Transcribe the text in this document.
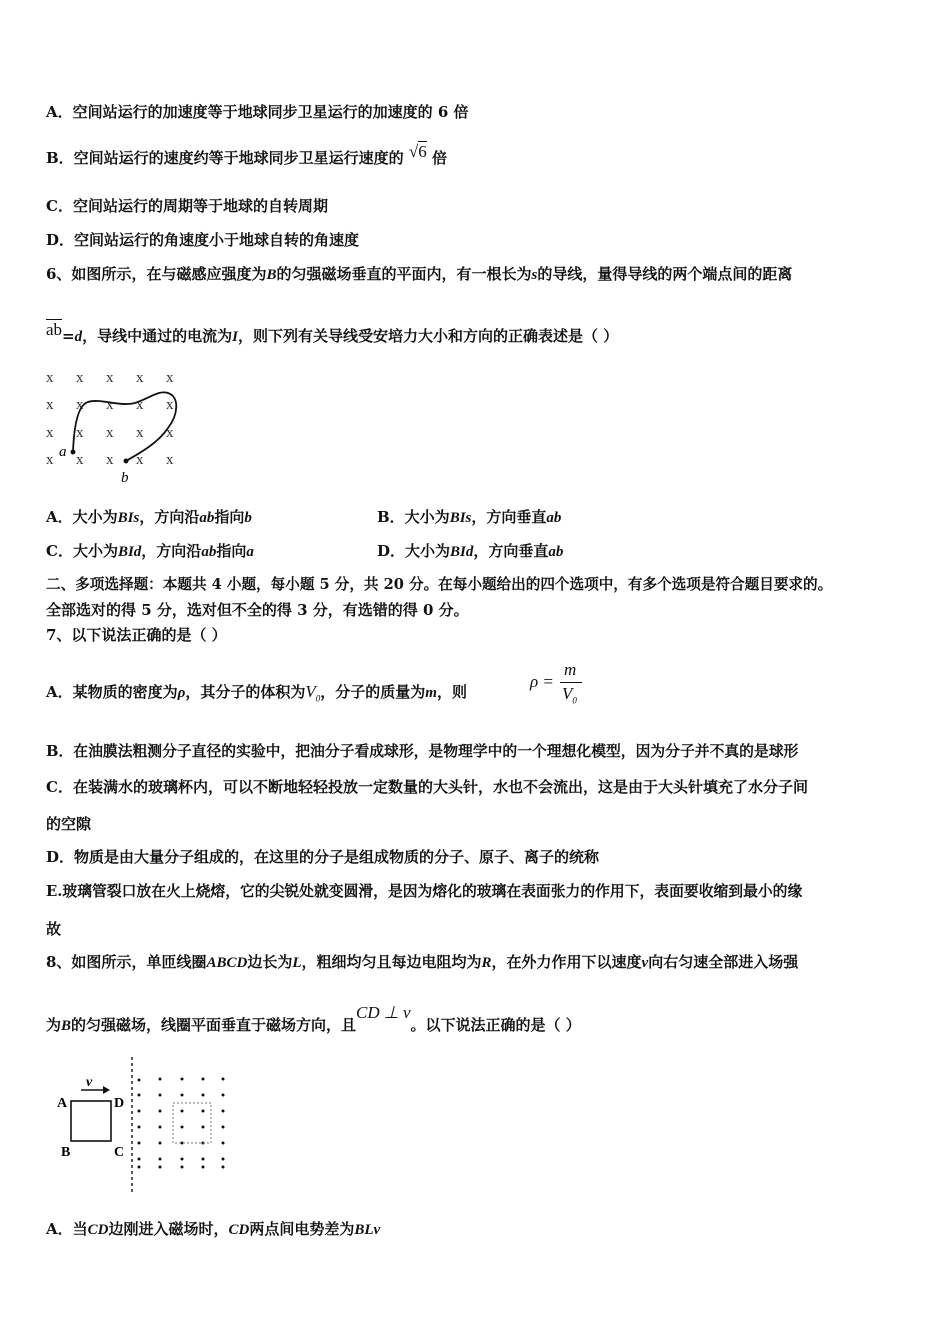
A．空间站运行的加速度等于地球同步卫星运行的加速度的 6 倍
B．空间站运行的速度约等于地球同步卫星运行速度的 √6 倍
C．空间站运行的周期等于地球的自转周期
D．空间站运行的角速度小于地球自转的角速度
6、如图所示，在与磁感应强度为B的匀强磁场垂直的平面内，有一根长为s的导线，量得导线的两个端点间的距离
ab=d，导线中通过的电流为I，则下列有关导线受安培力大小和方向的正确表述是（ ）
x x x x x
x x x x x
x x x x x
x x x x x
a
b
A．大小为BIs，方向沿ab指向b	B．大小为BIs，方向垂直ab
C．大小为BId，方向沿ab指向a	D．大小为BId，方向垂直ab
二、多项选择题：本题共 4 小题，每小题 5 分，共 20 分。在每小题给出的四个选项中，有多个选项是符合题目要求的。
全部选对的得 5 分，选对但不全的得 3 分，有选错的得 0 分。
7、以下说法正确的是（ ）
A．某物质的密度为ρ，其分子的体积为$V_0$，分子的质量为m，则
ρ =
m
$V_0$
B．在油膜法粗测分子直径的实验中，把油分子看成球形，是物理学中的一个理想化模型，因为分子并不真的是球形
C．在装满水的玻璃杯内，可以不断地轻轻投放一定数量的大头针，水也不会流出，这是由于大头针填充了水分子间
的空隙
D．物质是由大量分子组成的，在这里的分子是组成物质的分子、原子、离子的统称
E.玻璃管裂口放在火上烧熔，它的尖锐处就变圆滑，是因为熔化的玻璃在表面张力的作用下，表面要收缩到最小的缘
故
8、如图所示，单匝线圈ABCD边长为L，粗细均匀且每边电阻均为R，在外力作用下以速度v向右匀速全部进入场强
为B的匀强磁场，线圈平面垂直于磁场方向，且CD ⊥ v。以下说法正确的是（ ）
A	D
B	C
v
A．当CD边刚进入磁场时，CD两点间电势差为BLv
